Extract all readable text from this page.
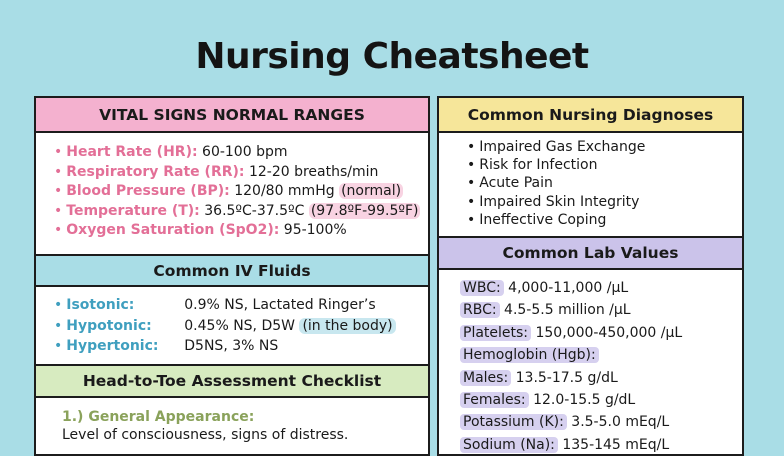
Nursing Cheatsheet
VITAL SIGNS NORMAL RANGES
• Heart Rate (HR): 60-100 bpm
• Respiratory Rate (RR): 12-20 breaths/min
• Blood Pressure (BP): 120/80 mmHg (normal)
• Temperature (T): 36.5ºC-37.5ºC (97.8ºF-99.5ºF)
• Oxygen Saturation (SpO2): 95-100%
Common IV Fluids
• Isotonic:	0.9% NS, Lactated Ringer’s
• Hypotonic: 0.45% NS, D5W (in the body)
• Hypertonic: D5NS, 3% NS
Head-to-Toe Assessment Checklist
1.) General Appearance:
Level of consciousness, signs of distress.
Common Nursing Diagnoses
• Impaired Gas Exchange
• Risk for Infection
• Acute Pain
• Impaired Skin Integrity
• Ineffective Coping
Common Lab Values
WBC: 4,000-11,000 /µL
RBC: 4.5-5.5 million /µL
Platelets: 150,000-450,000 /µL
Hemoglobin (Hgb):
Males: 13.5-17.5 g/dL
Females: 12.0-15.5 g/dL
Potassium (K): 3.5-5.0 mEq/L
Sodium (Na): 135-145 mEq/L
